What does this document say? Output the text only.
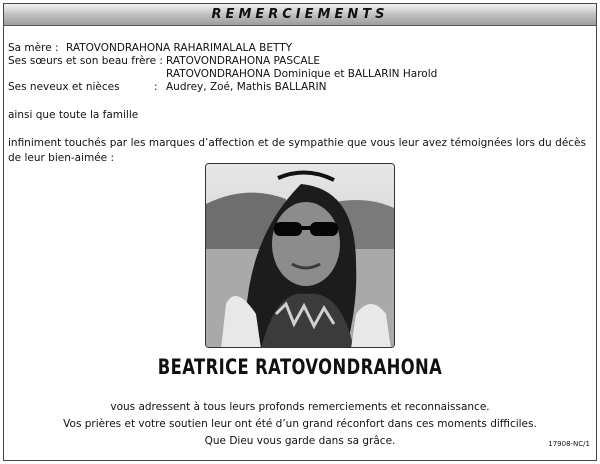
REMERCIEMENTS
Sa mère : RATOVONDRAHONA RAHARIMALALA BETTY
Ses sœurs et son beau frère : RATOVONDRAHONA PASCALE
RATOVONDRAHONA Dominique et BALLARIN Harold
Ses neveux et nièces	: Audrey, Zoé, Mathis BALLARIN
ainsi que toute la famille
infiniment touchés par les marques d’affection et de sympathie que vous leur avez témoignées lors du décès de leur bien-aimée :
BEATRICE RATOVONDRAHONA
vous adressent à tous leurs profonds remerciements et reconnaissance.
Vos prières et votre soutien leur ont été d’un grand réconfort dans ces moments difficiles.
Que Dieu vous garde dans sa grâce.	17908-NC/1
